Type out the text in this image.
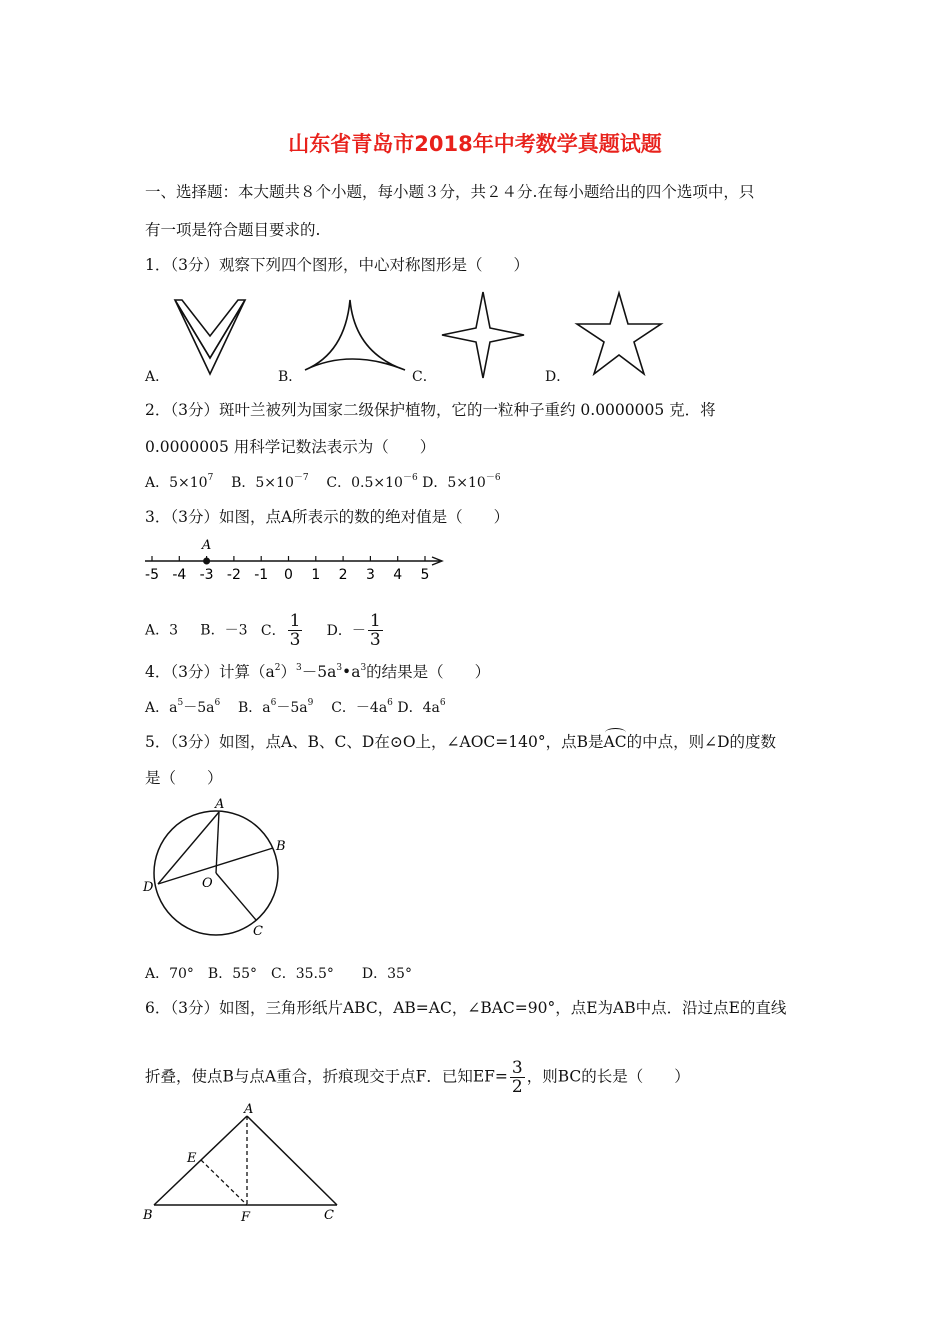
山东省青岛市2018年中考数学真题试题
一、选择题：本大题共８个小题，每小题３分，共２４分.在每小题给出的四个选项中，只
有一项是符合题目要求的.
1．（3分）观察下列四个图形，中心对称图形是（　　）
A．	B．	C．	D．
2．（3分）斑叶兰被列为国家二级保护植物，它的一粒种子重约 0.0000005 克．将
0.0000005 用科学记数法表示为（　　）
A．$5\times 10^7$ B．$5\times 10^{-7}$ C．$0.5\times 10^{-6}$ D．$5\times 10^{-6}$
3．（3分）如图，点A所表示的数的绝对值是（　　）
-5 -4 -3 -2 -1 0 1 2 3 4 5
A
A．3 B．－3 C． $\frac{1}{3}$ D．－ $\frac{1}{3}$
4．（3分）计算$(a^2)^3-5a^3•a^3$的结果是（　　）
A．$a^5-5a^6$ B．$a^6-5a^9$ C．$-4a^6$ D．$4a^6$
5．（3分）如图，点A、B、C、D在⊙O上，∠AOC=140°，点B是AC的中点，则∠D的度数
是（　　）
A
B
C
D	O
A．70°　B．55°　C．35.5°　　D．35°
6．（3分）如图，三角形纸片ABC，AB=AC，∠BAC=90°，点E为AB中点．沿过点E的直线
折叠，使点B与点A重合，折痕现交于点F．已知$EF= \frac{3}{2}$ ，则BC的长是（　　）
A
B	C
E
F
